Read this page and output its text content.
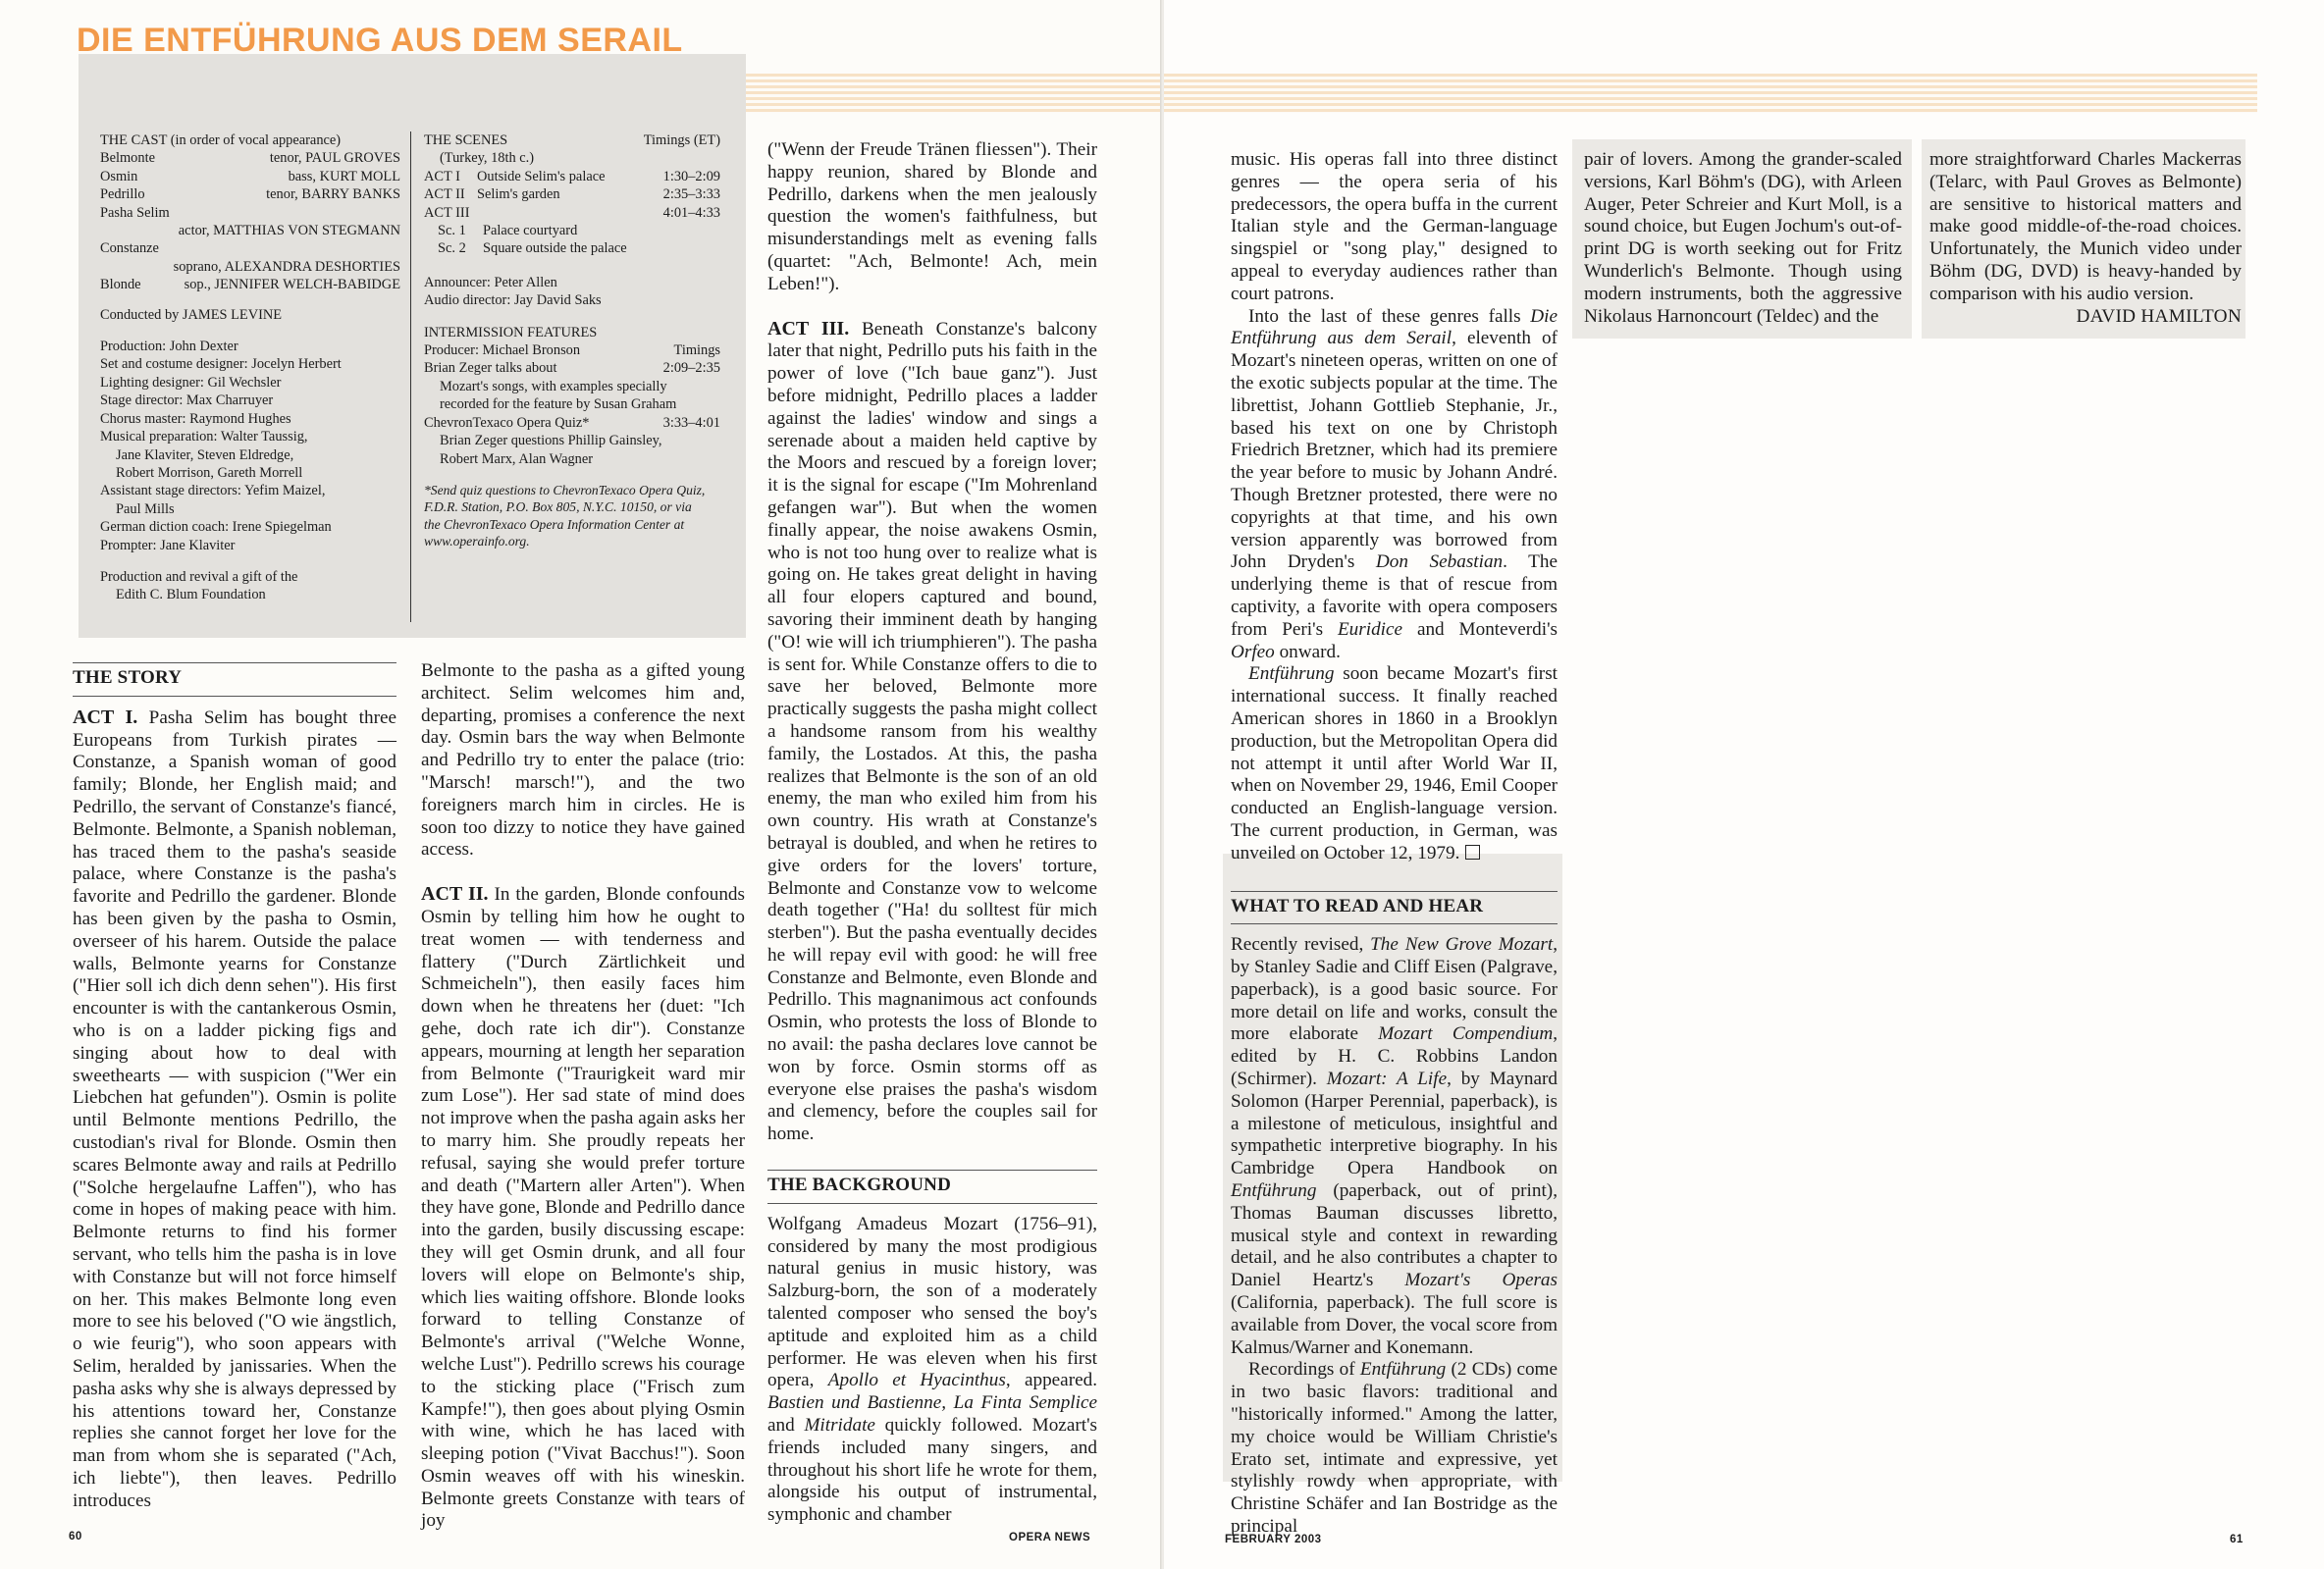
DIE ENTFÜHRUNG AUS DEM SERAIL
THE CAST (in order of vocal appearance)
Belmonte	tenor, PAUL GROVES
Osmin	bass, KURT MOLL
Pedrillo	tenor, BARRY BANKS
Pasha Selim
actor, MATTHIAS VON STEGMANN
Constanze
soprano, ALEXANDRA DESHORTIES
Blonde	sop., JENNIFER WELCH-BABIDGE
Conducted by JAMES LEVINE
Production: John Dexter
Set and costume designer: Jocelyn Herbert
Lighting designer: Gil Wechsler
Stage director: Max Charruyer
Chorus master: Raymond Hughes
Musical preparation: Walter Taussig,
Jane Klaviter, Steven Eldredge,
Robert Morrison, Gareth Morrell
Assistant stage directors: Yefim Maizel,
Paul Mills
German diction coach: Irene Spiegelman
Prompter: Jane Klaviter
Production and revival a gift of the
Edith C. Blum Foundation
THE SCENES	Timings (ET)
(Turkey, 18th c.)
ACT I Outside Selim's palace	1:30–2:09
ACT II Selim's garden	2:35–3:33
ACT III	4:01–4:33
Sc. 1 Palace courtyard
Sc. 2 Square outside the palace
Announcer: Peter Allen
Audio director: Jay David Saks
INTERMISSION FEATURES
Producer: Michael Bronson	Timings
Brian Zeger talks about	2:09–2:35
Mozart's songs, with examples specially
recorded for the feature by Susan Graham
ChevronTexaco Opera Quiz*	3:33–4:01
Brian Zeger questions Phillip Gainsley,
Robert Marx, Alan Wagner
*Send quiz questions to ChevronTexaco Opera Quiz, F.D.R. Station, P.O. Box 805, N.Y.C. 10150, or via the ChevronTexaco Opera Information Center at www.operainfo.org.
THE STORY

ACT I. Pasha Selim has bought three Europeans from Turkish pirates — Constanze, a Spanish woman of good family; Blonde, her English maid; and Pedrillo, the servant of Constanze's fiancé, Belmonte. Belmonte, a Spanish nobleman, has traced them to the pasha's seaside palace, where Constanze is the pasha's favorite and Pedrillo the gardener. Blonde has been given by the pasha to Osmin, overseer of his harem. Outside the palace walls, Belmonte yearns for Constanze ("Hier soll ich dich denn sehen"). His first encounter is with the cantankerous Osmin, who is on a ladder picking figs and singing about how to deal with sweethearts — with suspicion ("Wer ein Liebchen hat gefunden"). Osmin is polite until Belmonte mentions Pedrillo, the custodian's rival for Blonde. Osmin then scares Belmonte away and rails at Pedrillo ("Solche hergelaufne Laffen"), who has come in hopes of making peace with him. Belmonte returns to find his former servant, who tells him the pasha is in love with Constanze but will not force himself on her. This makes Belmonte long even more to see his beloved ("O wie ängstlich, o wie feurig"), who soon appears with Selim, heralded by janissaries. When the pasha asks why she is always depressed by his attentions toward her, Constanze replies she cannot forget her love for the man from whom she is separated ("Ach, ich liebte"), then leaves. Pedrillo introduces

Belmonte to the pasha as a gifted young architect. Selim welcomes him and, departing, promises a conference the next day. Osmin bars the way when Belmonte and Pedrillo try to enter the palace (trio: "Marsch! marsch!"), and the two foreigners march him in circles. He is soon too dizzy to notice they have gained access.

ACT II. In the garden, Blonde confounds Osmin by telling him how he ought to treat women — with tenderness and flattery ("Durch Zärtlichkeit und Schmeicheln"), then easily faces him down when he threatens her (duet: "Ich gehe, doch rate ich dir"). Constanze appears, mourning at length her separation from Belmonte ("Traurigkeit ward mir zum Lose"). Her sad state of mind does not improve when the pasha again asks her to marry him. She proudly repeats her refusal, saying she would prefer torture and death ("Martern aller Arten"). When they have gone, Blonde and Pedrillo dance into the garden, busily discussing escape: they will get Osmin drunk, and all four lovers will elope on Belmonte's ship, which lies waiting offshore. Blonde looks forward to telling Constanze of Belmonte's arrival ("Welche Wonne, welche Lust"). Pedrillo screws his courage to the sticking place ("Frisch zum Kampfe!"), then goes about plying Osmin with wine, which he has laced with sleeping potion ("Vivat Bacchus!"). Soon Osmin weaves off with his wineskin. Belmonte greets Constanze with tears of joy

("Wenn der Freude Tränen fliessen"). Their happy reunion, shared by Blonde and Pedrillo, darkens when the men jealously question the women's faithfulness, but misunderstandings melt as evening falls (quartet: "Ach, Belmonte! Ach, mein Leben!").

ACT III. Beneath Constanze's balcony later that night, Pedrillo puts his faith in the power of love ("Ich baue ganz"). Just before midnight, Pedrillo places a ladder against the ladies' window and sings a serenade about a maiden held captive by the Moors and rescued by a foreign lover; it is the signal for escape ("Im Mohrenland gefangen war"). But when the women finally appear, the noise awakens Osmin, who is not too hung over to realize what is going on. He takes great delight in having all four elopers captured and bound, savoring their imminent death by hanging ("O! wie will ich triumphieren"). The pasha is sent for. While Constanze offers to die to save her beloved, Belmonte more practically suggests the pasha might collect a handsome ransom from his wealthy family, the Lostados. At this, the pasha realizes that Belmonte is the son of an old enemy, the man who exiled him from his own country. His wrath at Constanze's betrayal is doubled, and when he retires to give orders for the lovers' torture, Belmonte and Constanze vow to welcome death together ("Ha! du solltest für mich sterben"). But the pasha eventually decides he will repay evil with good: he will free Constanze and Belmonte, even Blonde and Pedrillo. This magnanimous act confounds Osmin, who protests the loss of Blonde to no avail: the pasha declares love cannot be won by force. Osmin storms off as everyone else praises the pasha's wisdom and clemency, before the couples sail for home.

THE BACKGROUND

Wolfgang Amadeus Mozart (1756–91), considered by many the most prodigious natural genius in music history, was Salzburg-born, the son of a moderately talented composer who sensed the boy's aptitude and exploited him as a child performer. He was eleven when his first opera, Apollo et Hyacinthus, appeared. Bastien und Bastienne, La Finta Semplice and Mitridate quickly followed. Mozart's friends included many singers, and throughout his short life he wrote for them, alongside his output of instrumental, symphonic and chamber

60	OPERA NEWS

music. His operas fall into three distinct genres — the opera seria of his predecessors, the opera buffa in the current Italian style and the German-language singspiel or "song play," designed to appeal to everyday audiences rather than court patrons.

Into the last of these genres falls Die Entführung aus dem Serail, eleventh of Mozart's nineteen operas, written on one of the exotic subjects popular at the time. The librettist, Johann Gottlieb Stephanie, Jr., based his text on one by Christoph Friedrich Bretzner, which had its premiere the year before to music by Johann André. Though Bretzner protested, there were no copyrights at that time, and his own version apparently was borrowed from John Dryden's Don Sebastian. The underlying theme is that of rescue from captivity, a favorite with opera composers from Peri's Euridice and Monteverdi's Orfeo onward.

Entführung soon became Mozart's first international success. It finally reached American shores in 1860 in a Brooklyn production, but the Metropolitan Opera did not attempt it until after World War II, when on November 29, 1946, Emil Cooper conducted an English-language version. The current production, in German, was unveiled on October 12, 1979.

WHAT TO READ AND HEAR

Recently revised, The New Grove Mozart, by Stanley Sadie and Cliff Eisen (Palgrave, paperback), is a good basic source. For more detail on life and works, consult the more elaborate Mozart Compendium, edited by H. C. Robbins Landon (Schirmer). Mozart: A Life, by Maynard Solomon (Harper Perennial, paperback), is a milestone of meticulous, insightful and sympathetic interpretive biography. In his Cambridge Opera Handbook on Entführung (paperback, out of print), Thomas Bauman discusses libretto, musical style and context in rewarding detail, and he also contributes a chapter to Daniel Heartz's Mozart's Operas (California, paperback). The full score is available from Dover, the vocal score from Kalmus/Warner and Konemann.

Recordings of Entführung (2 CDs) come in two basic flavors: traditional and "historically informed." Among the latter, my choice would be William Christie's Erato set, intimate and expressive, yet stylishly rowdy when appropriate, with Christine Schäfer and Ian Bostridge as the principal

pair of lovers. Among the grander-scaled versions, Karl Böhm's (DG), with Arleen Auger, Peter Schreier and Kurt Moll, is a sound choice, but Eugen Jochum's out-of-print DG is worth seeking out for Fritz Wunderlich's Belmonte. Though using modern instruments, both the aggressive Nikolaus Harnoncourt (Teldec) and the

more straightforward Charles Mackerras (Telarc, with Paul Groves as Belmonte) are sensitive to historical matters and make good middle-of-the-road choices. Unfortunately, the Munich video under Böhm (DG, DVD) is heavy-handed by comparison with his audio version.

DAVID HAMILTON
FEBRUARY 2003	61
